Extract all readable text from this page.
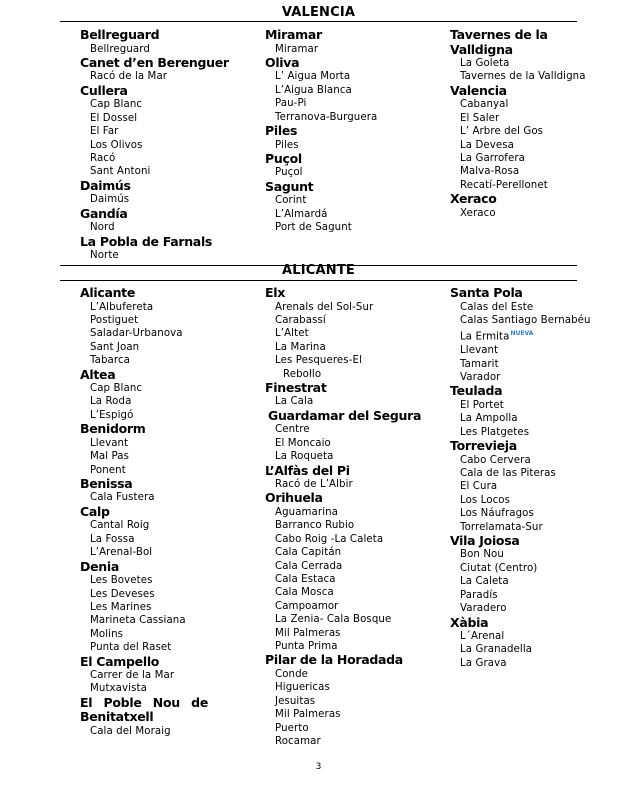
VALENCIA
Bellreguard
Bellreguard
Canet d’en Berenguer
Racó de la Mar
Cullera
Cap Blanc
El Dossel
El Far
Los Olivos
Racó
Sant Antoni
Daimús
Daimús
Gandía
Nord
La Pobla de Farnals
Norte
Miramar
Miramar
Oliva
L’ Aigua Morta
L’Aigua Blanca
Pau-Pi
Terranova-Burguera
Piles
Piles
Puçol
Puçol
Sagunt
Corint
L’Almardá
Port de Sagunt
Tavernes de la
Valldigna
La Goleta
Tavernes de la Valldigna
Valencia
Cabanyal
El Saler
L’ Arbre del Gos
La Devesa
La Garrofera
Malva-Rosa
Recatí-Perellonet
Xeraco
Xeraco
ALICANTE
Alicante
L’Albufereta
Postiguet
Saladar-Urbanova
Sant Joan
Tabarca
Altea
Cap Blanc
La Roda
L’Espigó
Benidorm
Llevant
Mal Pas
Ponent
Benissa
Cala Fustera
Calp
Cantal Roig
La Fossa
L’Arenal-Bol
Denia
Les Bovetes
Les Deveses
Les Marines
Marineta Cassiana
Molins
Punta del Raset
El Campello
Carrer de la Mar
Mutxavista
El Poble Nou de
Benitatxell
Cala del Moraig
Elx
Arenals del Sol-Sur
Carabassí
L’Altet
La Marina
Les Pesqueres-El
Rebollo
Finestrat
La Cala
Guardamar del Segura
Centre
El Moncaio
La Roqueta
L’Alfàs del Pi
Racó de L’Albir
Orihuela
Aguamarina
Barranco Rubio
Cabo Roig -La Caleta
Cala Capitán
Cala Cerrada
Cala Estaca
Cala Mosca
Campoamor
La Zenia- Cala Bosque
Mil Palmeras
Punta Prima
Pilar de la Horadada
Conde
Higuericas
Jesuitas
Mil Palmeras
Puerto
Rocamar
Santa Pola
Calas del Este
Calas Santiago Bernabéu
La Ermita$^{NUEVA}$
Llevant
Tamarit
Varador
Teulada
El Portet
La Ampolla
Les Platgetes
Torrevieja
Cabo Cervera
Cala de las Piteras
El Cura
Los Locos
Los Náufragos
Torrelamata-Sur
Vila Joiosa
Bon Nou
Ciutat (Centro)
La Caleta
Paradís
Varadero
Xàbia
L´Arenal
La Granadella
La Grava
3
